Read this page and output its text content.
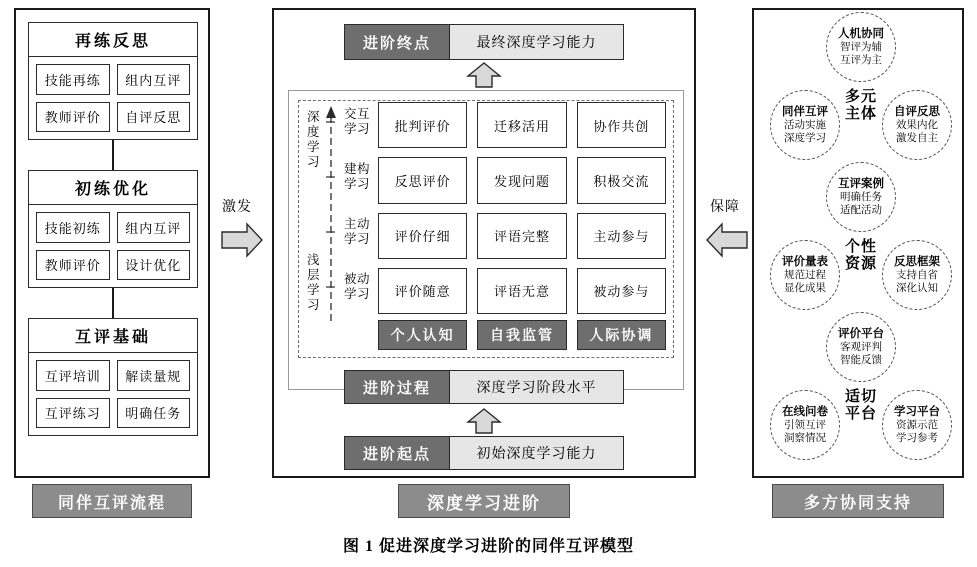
再练反思
技能再练	组内互评
教师评价	自评反思
初练优化
技能初练	组内互评
教师评价	设计优化
互评基础
互评培训	解读量规
互评练习	明确任务
同伴互评流程
进阶终点	最终深度学习能力
深
度
学
习
浅
层
学
习
交互
学习
建构
学习
主动
学习
被动
学习
批判评价	迁移活用	协作共创
反思评价	发现问题	积极交流
评价仔细	评语完整	主动参与
评价随意	评语无意	被动参与
个人认知	自我监管	人际协调
进阶过程	深度学习阶段水平
进阶起点	初始深度学习能力
深度学习进阶
激发	保障
人机协同
智评为辅
互评为主
同伴互评
活动实施
深度学习
自评反思
效果内化
激发自主
多元
主体
互评案例
明确任务
适配活动
评价量表
规范过程
显化成果
反思框架
支持自省
深化认知
个性
资源
评价平台
客观评判
智能反馈
在线问卷
引领互评
洞察情况
学习平台
资源示范
学习参考
适切
平台
多方协同支持
图 1 促进深度学习进阶的同伴互评模型
